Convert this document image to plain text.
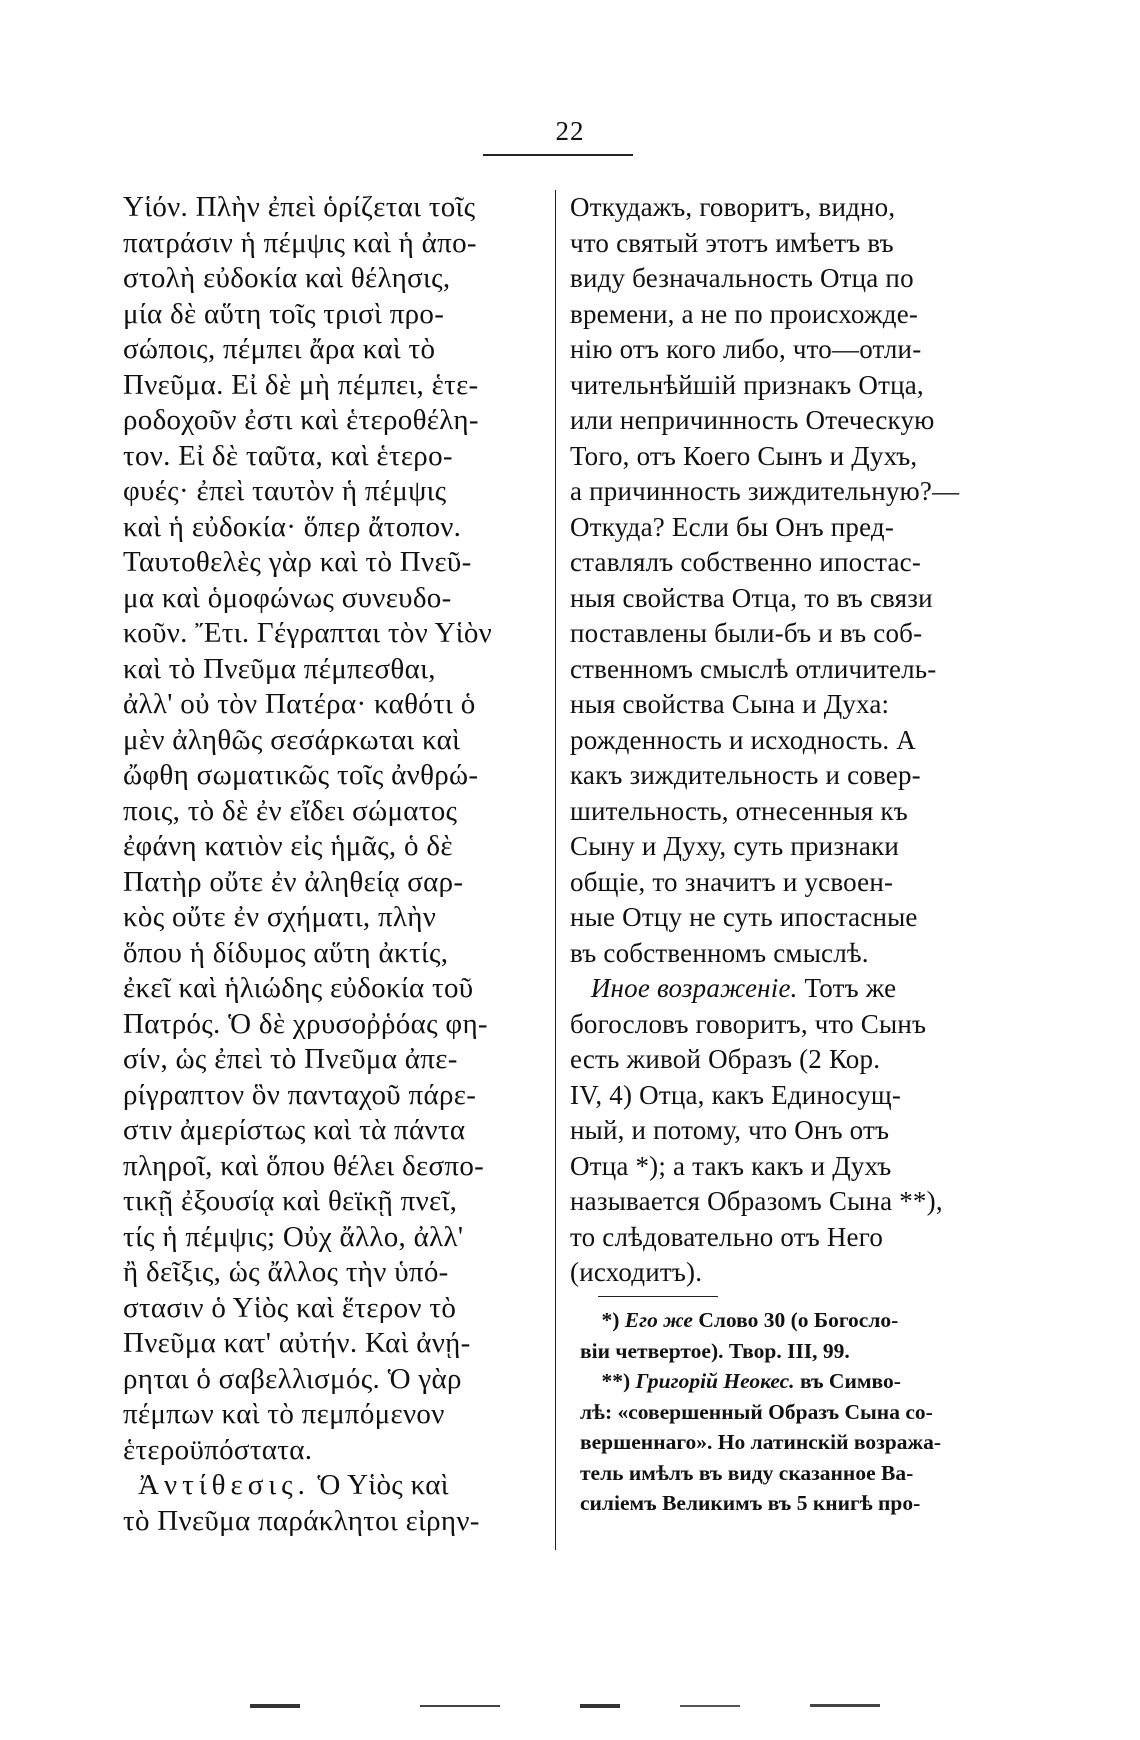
22
Υἱόν. Πλὴν ἐπεὶ ὁρίζεται τοῖς
πατράσιν ἡ πέμψις καὶ ἡ ἀπο-
στολὴ εὐδοκία καὶ θέλησις,
μία δὲ αὕτη τοῖς τρισὶ προ-
σώποις, πέμπει ἄρα καὶ τὸ
Πνεῦμα. Εἰ δὲ μὴ πέμπει, ἑτε-
ροδοχοῦν ἐστι καὶ ἑτεροθέλη-
τον. Εἰ δὲ ταῦτα, καὶ ἑτερο-
φυές· ἐπεὶ ταυτὸν ἡ πέμψις
καὶ ἡ εὐδοκία· ὅπερ ἄτοπον.
Ταυτοθελὲς γὰρ καὶ τὸ Πνεῦ-
μα καὶ ὁμοφώνως συνευδο-
κοῦν. Ἔτι. Γέγραπται τὸν Υἱὸν
καὶ τὸ Πνεῦμα πέμπεσθαι,
ἀλλ' οὐ τὸν Πατέρα· καθότι ὁ
μὲν ἀληθῶς σεσάρκωται καὶ
ὤφθη σωματικῶς τοῖς ἀνθρώ-
ποις, τὸ δὲ ἐν εἴδει σώματος
ἐφάνη κατιὸν εἰς ἡμᾶς, ὁ δὲ
Πατὴρ οὔτε ἐν ἀληθείᾳ σαρ-
κὸς οὔτε ἐν σχήματι, πλὴν
ὅπου ἡ δίδυμος αὕτη ἀκτίς,
ἐκεῖ καὶ ἡλιώδης εὐδοκία τοῦ
Πατρός. Ὁ δὲ χρυσοῤῥόας φη-
σίν, ὡς ἐπεὶ τὸ Πνεῦμα ἀπε-
ρίγραπτον ὃν πανταχοῦ πάρε-
στιν ἀμερίστως καὶ τὰ πάντα
πληροῖ, καὶ ὅπου θέλει δεσπο-
τικῇ ἐξουσίᾳ καὶ θεϊκῇ πνεῖ,
τίς ἡ πέμψις; Οὐχ ἄλλο, ἀλλ'
ἢ δεῖξις, ὡς ἄλλος τὴν ὑπό-
στασιν ὁ Υἱὸς καὶ ἕτερον τὸ
Πνεῦμα κατ' αὐτήν. Καὶ ἀνῄ-
ρηται ὁ σαβελλισμός. Ὁ γὰρ
πέμπων καὶ τὸ πεμπόμενον
ἑτεροϋπόστατα.
Ἀντίθεσις. Ὁ Υἱὸς καὶ
τὸ Πνεῦμα παράκλητοι εἰρην-
Откудажъ, говоритъ, видно,
что святый этотъ имѣетъ въ
виду безначальность Отца по
времени, а не по происхожде-
нію отъ кого либо, что—отли-
чительнѣйшій признакъ Отца,
или непричинность Отеческую
Того, отъ Коего Сынъ и Духъ,
а причинность зиждительную?—
Откуда? Если бы Онъ пред-
ставлялъ собственно ипостас-
ныя свойства Отца, то въ связи
поставлены были-бъ и въ соб-
ственномъ смыслѣ отличитель-
ныя свойства Сына и Духа:
рожденность и исходность. А
какъ зиждительность и совер-
шительность, отнесенныя къ
Сыну и Духу, суть признаки
общіе, то значитъ и усвоен-
ные Отцу не суть ипостасные
въ собственномъ смыслѣ.
Иное возраженіе. Тотъ же
богословъ говоритъ, что Сынъ
есть живой Образъ (2 Кор.
IV, 4) Отца, какъ Единосущ-
ный, и потому, что Онъ отъ
Отца *); а такъ какъ и Духъ
называется Образомъ Сына **),
то слѣдовательно отъ Него
(исходитъ).
*) Его же Слово 30 (о Богосло-
віи четвертое). Твор. III, 99.
**) Григорій Неокес. въ Симво-
лѣ: «совершенный Образъ Сына со-
вершеннаго». Но латинскій возража-
тель имѣлъ въ виду сказанное Ва-
силіемъ Великимъ въ 5 книгѣ про-
